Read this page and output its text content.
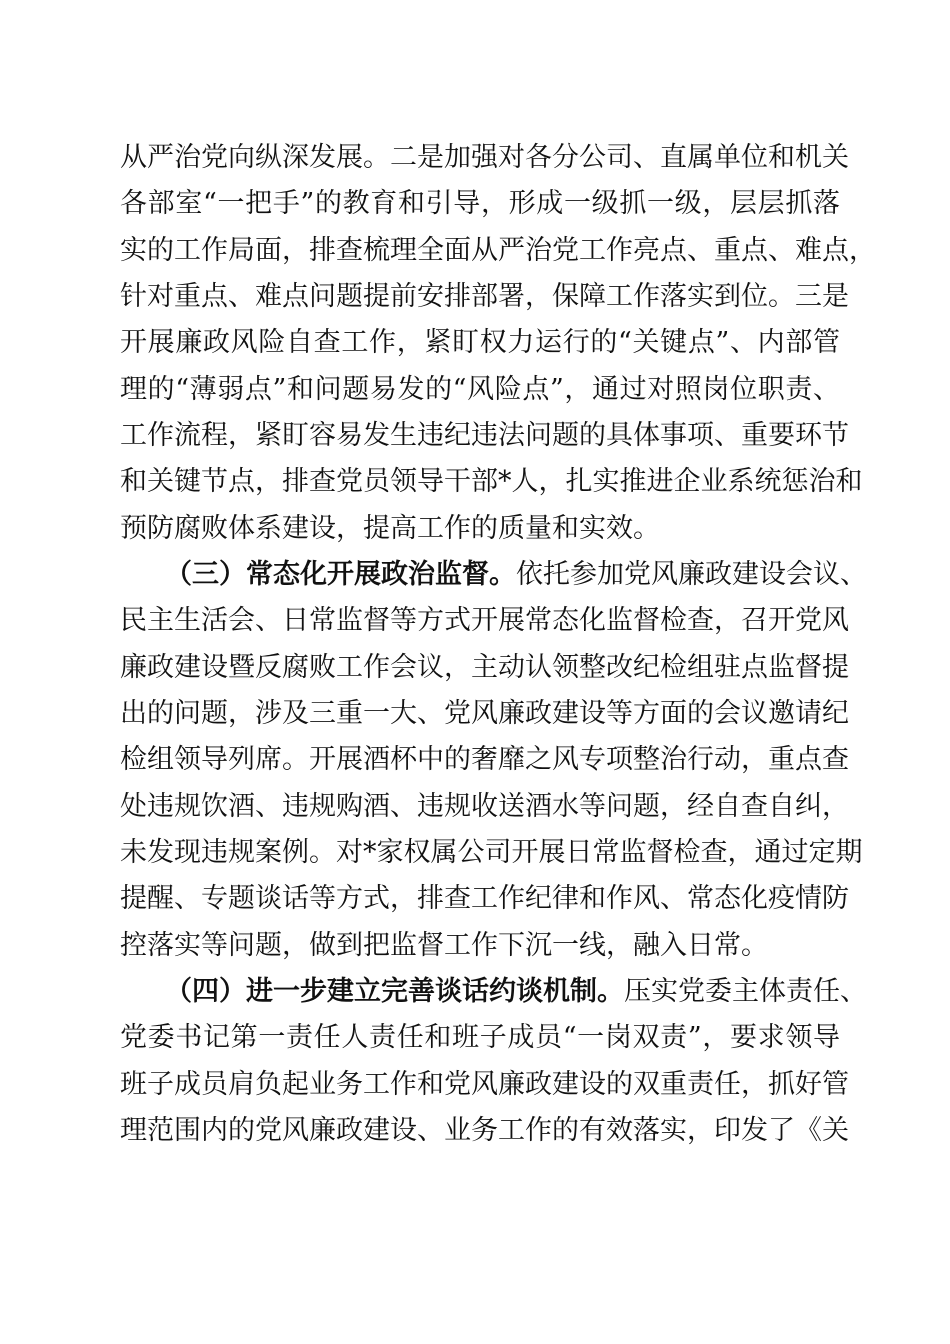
从严治党向纵深发展。二是加强对各分公司、直属单位和机关
各部室“一把手”的教育和引导，形成一级抓一级，层层抓落
实的工作局面，排查梳理全面从严治党工作亮点、重点、难点，
针对重点、难点问题提前安排部署，保障工作落实到位。三是
开展廉政风险自查工作，紧盯权力运行的“关键点”、内部管
理的“薄弱点”和问题易发的“风险点”，通过对照岗位职责、
工作流程，紧盯容易发生违纪违法问题的具体事项、重要环节
和关键节点，排查党员领导干部*人，扎实推进企业系统惩治和
预防腐败体系建设，提高工作的质量和实效。
（三）常态化开展政治监督。依托参加党风廉政建设会议、
民主生活会、日常监督等方式开展常态化监督检查，召开党风
廉政建设暨反腐败工作会议，主动认领整改纪检组驻点监督提
出的问题，涉及三重一大、党风廉政建设等方面的会议邀请纪
检组领导列席。开展酒杯中的奢靡之风专项整治行动，重点查
处违规饮酒、违规购酒、违规收送酒水等问题，经自查自纠，
未发现违规案例。对*家权属公司开展日常监督检查，通过定期
提醒、专题谈话等方式，排查工作纪律和作风、常态化疫情防
控落实等问题，做到把监督工作下沉一线，融入日常。
（四）进一步建立完善谈话约谈机制。压实党委主体责任、
党委书记第一责任人责任和班子成员“一岗双责”，要求领导
班子成员肩负起业务工作和党风廉政建设的双重责任，抓好管
理范围内的党风廉政建设、业务工作的有效落实，印发了《关
